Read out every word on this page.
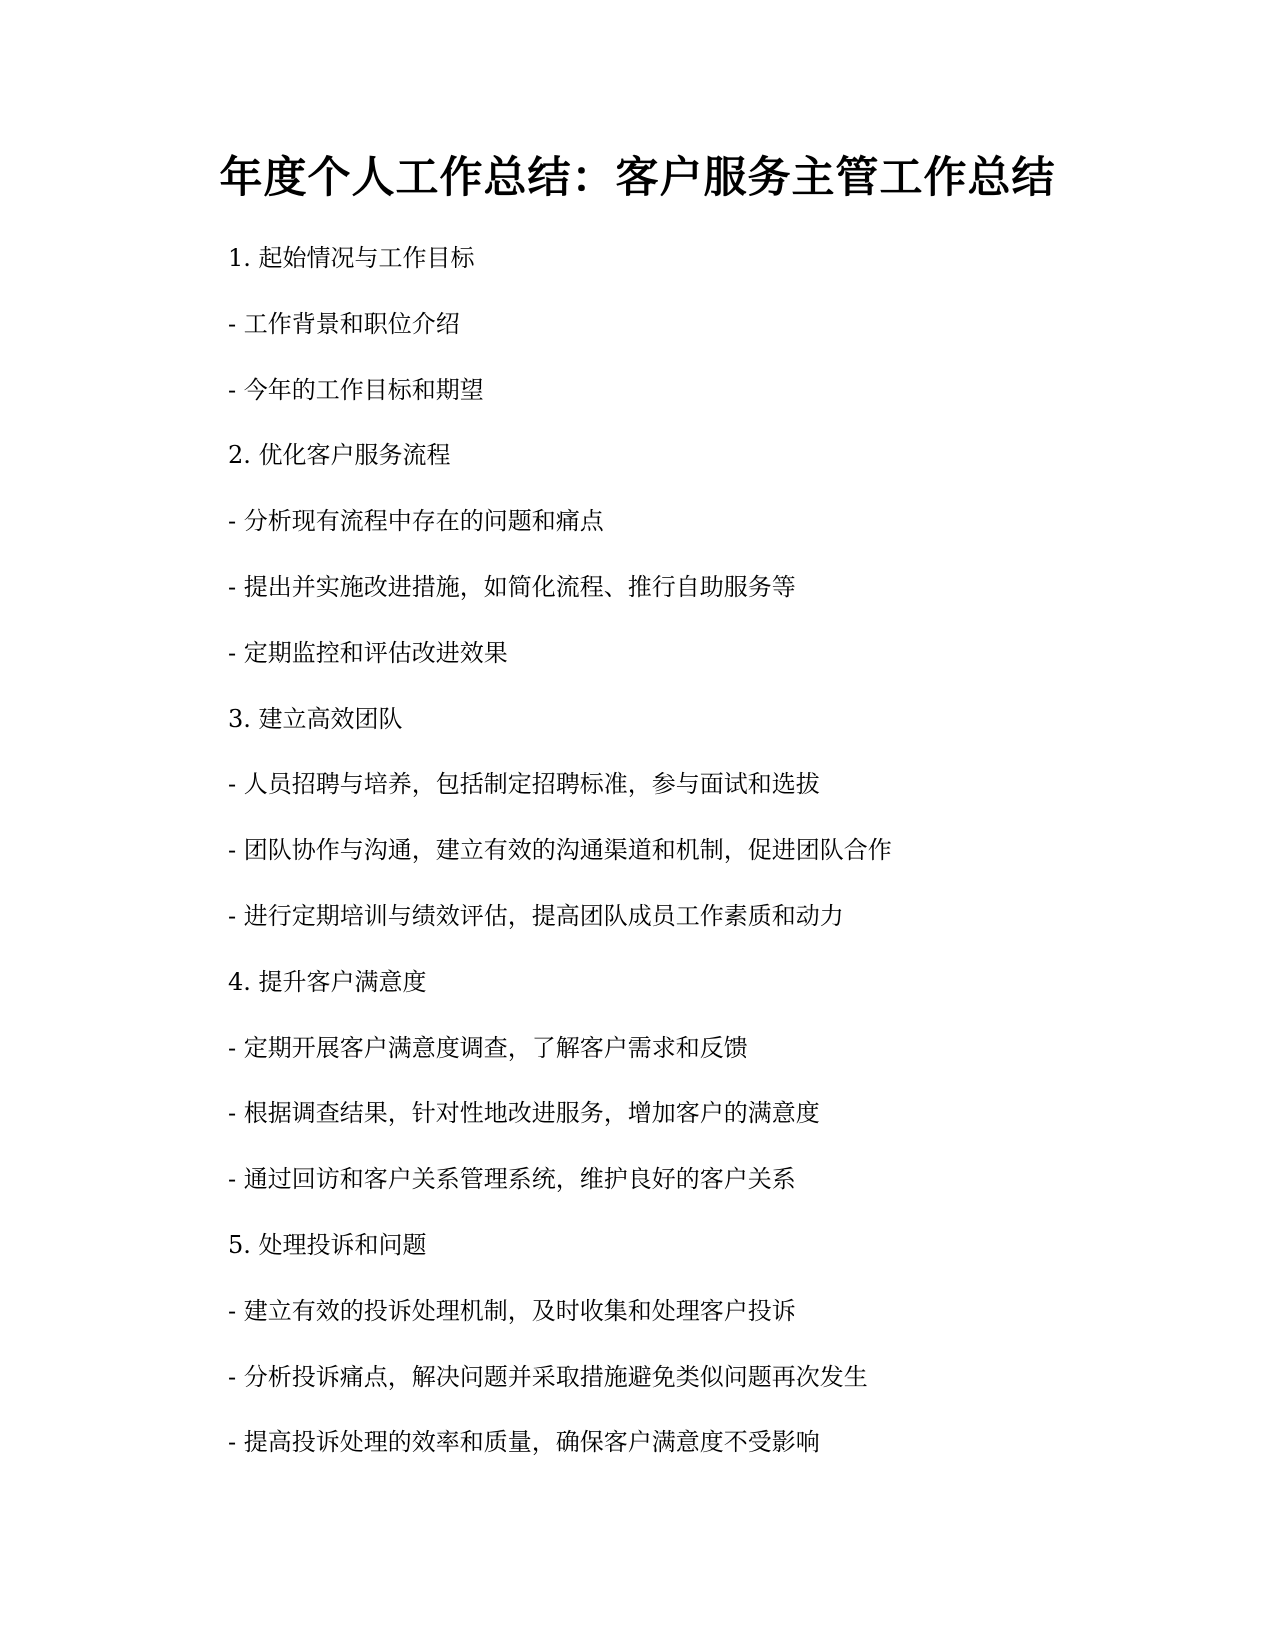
年度个人工作总结：客户服务主管工作总结
1. 起始情况与工作目标
- 工作背景和职位介绍
- 今年的工作目标和期望
2. 优化客户服务流程
- 分析现有流程中存在的问题和痛点
- 提出并实施改进措施，如简化流程、推行自助服务等
- 定期监控和评估改进效果
3. 建立高效团队
- 人员招聘与培养，包括制定招聘标准，参与面试和选拔
- 团队协作与沟通，建立有效的沟通渠道和机制，促进团队合作
- 进行定期培训与绩效评估，提高团队成员工作素质和动力
4. 提升客户满意度
- 定期开展客户满意度调查，了解客户需求和反馈
- 根据调查结果，针对性地改进服务，增加客户的满意度
- 通过回访和客户关系管理系统，维护良好的客户关系
5. 处理投诉和问题
- 建立有效的投诉处理机制，及时收集和处理客户投诉
- 分析投诉痛点，解决问题并采取措施避免类似问题再次发生
- 提高投诉处理的效率和质量，确保客户满意度不受影响
